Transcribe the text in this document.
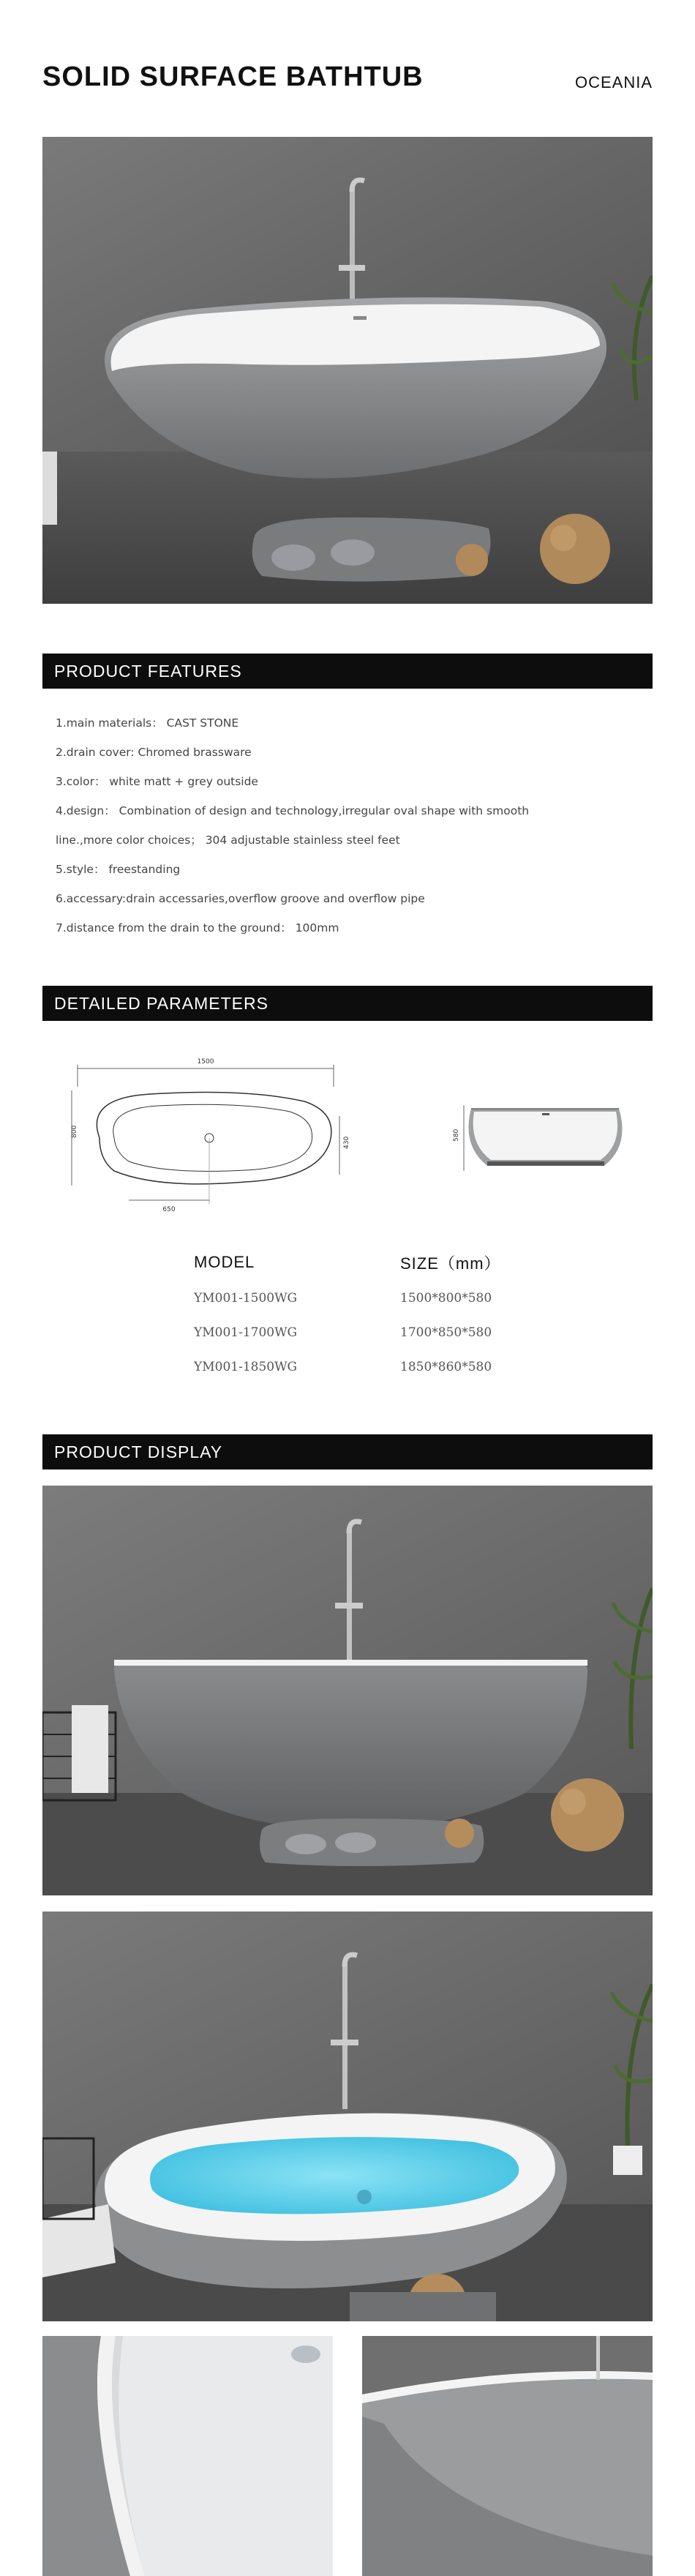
SOLID SURFACE BATHTUB	OCEANIA
PRODUCT FEATURES
1.main materials： CAST STONE
2.drain cover: Chromed brassware
3.color： white matt + grey outside
4.design： Combination of design and technology,irregular oval shape with smooth
line.,more color choices； 304 adjustable stainless steel feet
5.style： freestanding
6.accessary:drain accessaries,overflow groove and overflow pipe
7.distance from the drain to the ground： 100mm
DETAILED PARAMETERS
1500
800
650
430
580
MODEL	SIZE（mm）
YM001-1500WG	1500*800*580
YM001-1700WG	1700*850*580
YM001-1850WG	1850*860*580
PRODUCT DISPLAY
